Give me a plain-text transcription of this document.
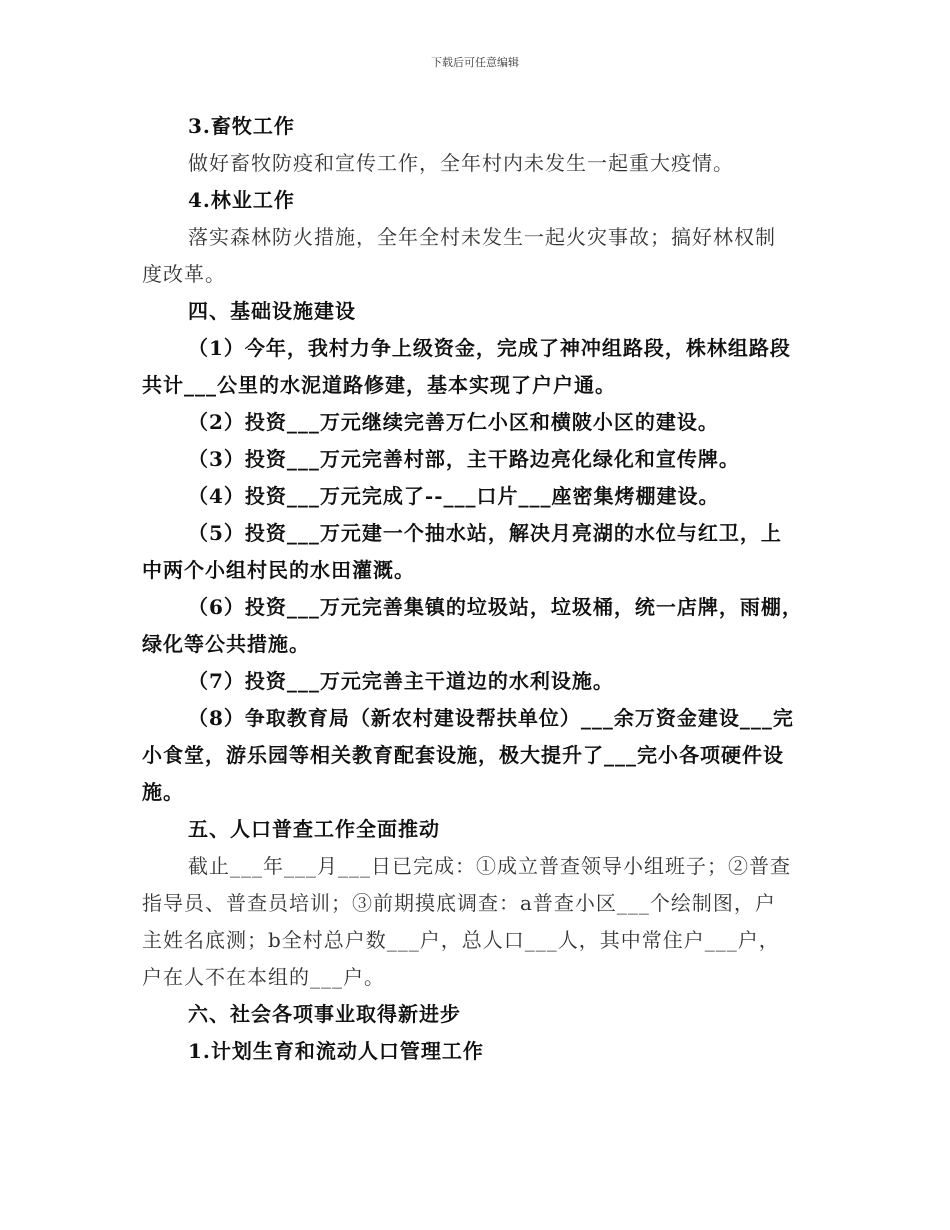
下载后可任意编辑
3.畜牧工作
做好畜牧防疫和宣传工作，全年村内未发生一起重大疫情。
4.林业工作
落实森林防火措施，全年全村未发生一起火灾事故；搞好林权制
度改革。
四、基础设施建设
（1）今年，我村力争上级资金，完成了神冲组路段，株林组路段
共计___公里的水泥道路修建，基本实现了户户通。
（2）投资___万元继续完善万仁小区和横陂小区的建设。
（3）投资___万元完善村部，主干路边亮化绿化和宣传牌。
（4）投资___万元完成了--___口片___座密集烤棚建设。
（5）投资___万元建一个抽水站，解决月亮湖的水位与红卫，上
中两个小组村民的水田灌溉。
（6）投资___万元完善集镇的垃圾站，垃圾桶，统一店牌，雨棚，
绿化等公共措施。
（7）投资___万元完善主干道边的水利设施。
（8）争取教育局（新农村建设帮扶单位）___余万资金建设___完
小食堂，游乐园等相关教育配套设施，极大提升了___完小各项硬件设
施。
五、人口普查工作全面推动
截止___年___月___日已完成：①成立普查领导小组班子；②普查
指导员、普查员培训；③前期摸底调查：a普查小区___个绘制图，户
主姓名底测；b全村总户数___户，总人口___人，其中常住户___户，
户在人不在本组的___户。
六、社会各项事业取得新进步
1.计划生育和流动人口管理工作
